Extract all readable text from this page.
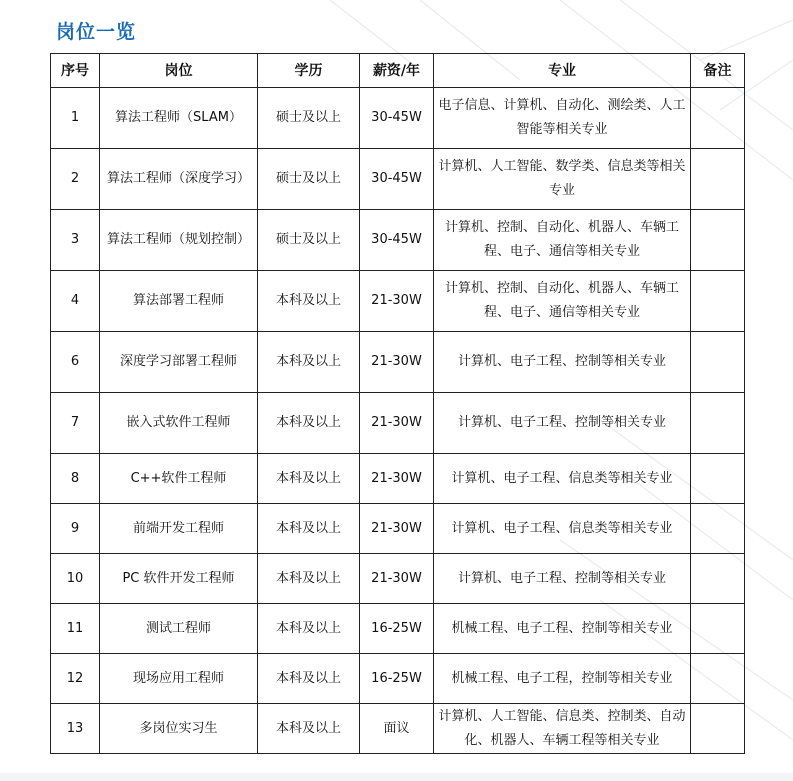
岗位一览
序号	岗位	学历	薪资/年	专业	备注
1	算法工程师（SLAM）	硕士及以上	30-45W	电子信息、计算机、自动化、测绘类、人工智能等相关专业	
2	算法工程师（深度学习）	硕士及以上	30-45W	计算机、人工智能、数学类、信息类等相关专业	
3	算法工程师（规划控制）	硕士及以上	30-45W	计算机、控制、自动化、机器人、车辆工程、电子、通信等相关专业	
4	算法部署工程师	本科及以上	21-30W	计算机、控制、自动化、机器人、车辆工程、电子、通信等相关专业	
6	深度学习部署工程师	本科及以上	21-30W	计算机、电子工程、控制等相关专业	
7	嵌入式软件工程师	本科及以上	21-30W	计算机、电子工程、控制等相关专业	
8	C++软件工程师	本科及以上	21-30W	计算机、电子工程、信息类等相关专业	
9	前端开发工程师	本科及以上	21-30W	计算机、电子工程、信息类等相关专业	
10	PC 软件开发工程师	本科及以上	21-30W	计算机、电子工程、控制等相关专业	
11	测试工程师	本科及以上	16-25W	机械工程、电子工程、控制等相关专业	
12	现场应用工程师	本科及以上	16-25W	机械工程、电子工程，控制等相关专业	
13	多岗位实习生	本科及以上	面议	计算机、人工智能、信息类、控制类、自动化、机器人、车辆工程等相关专业	
